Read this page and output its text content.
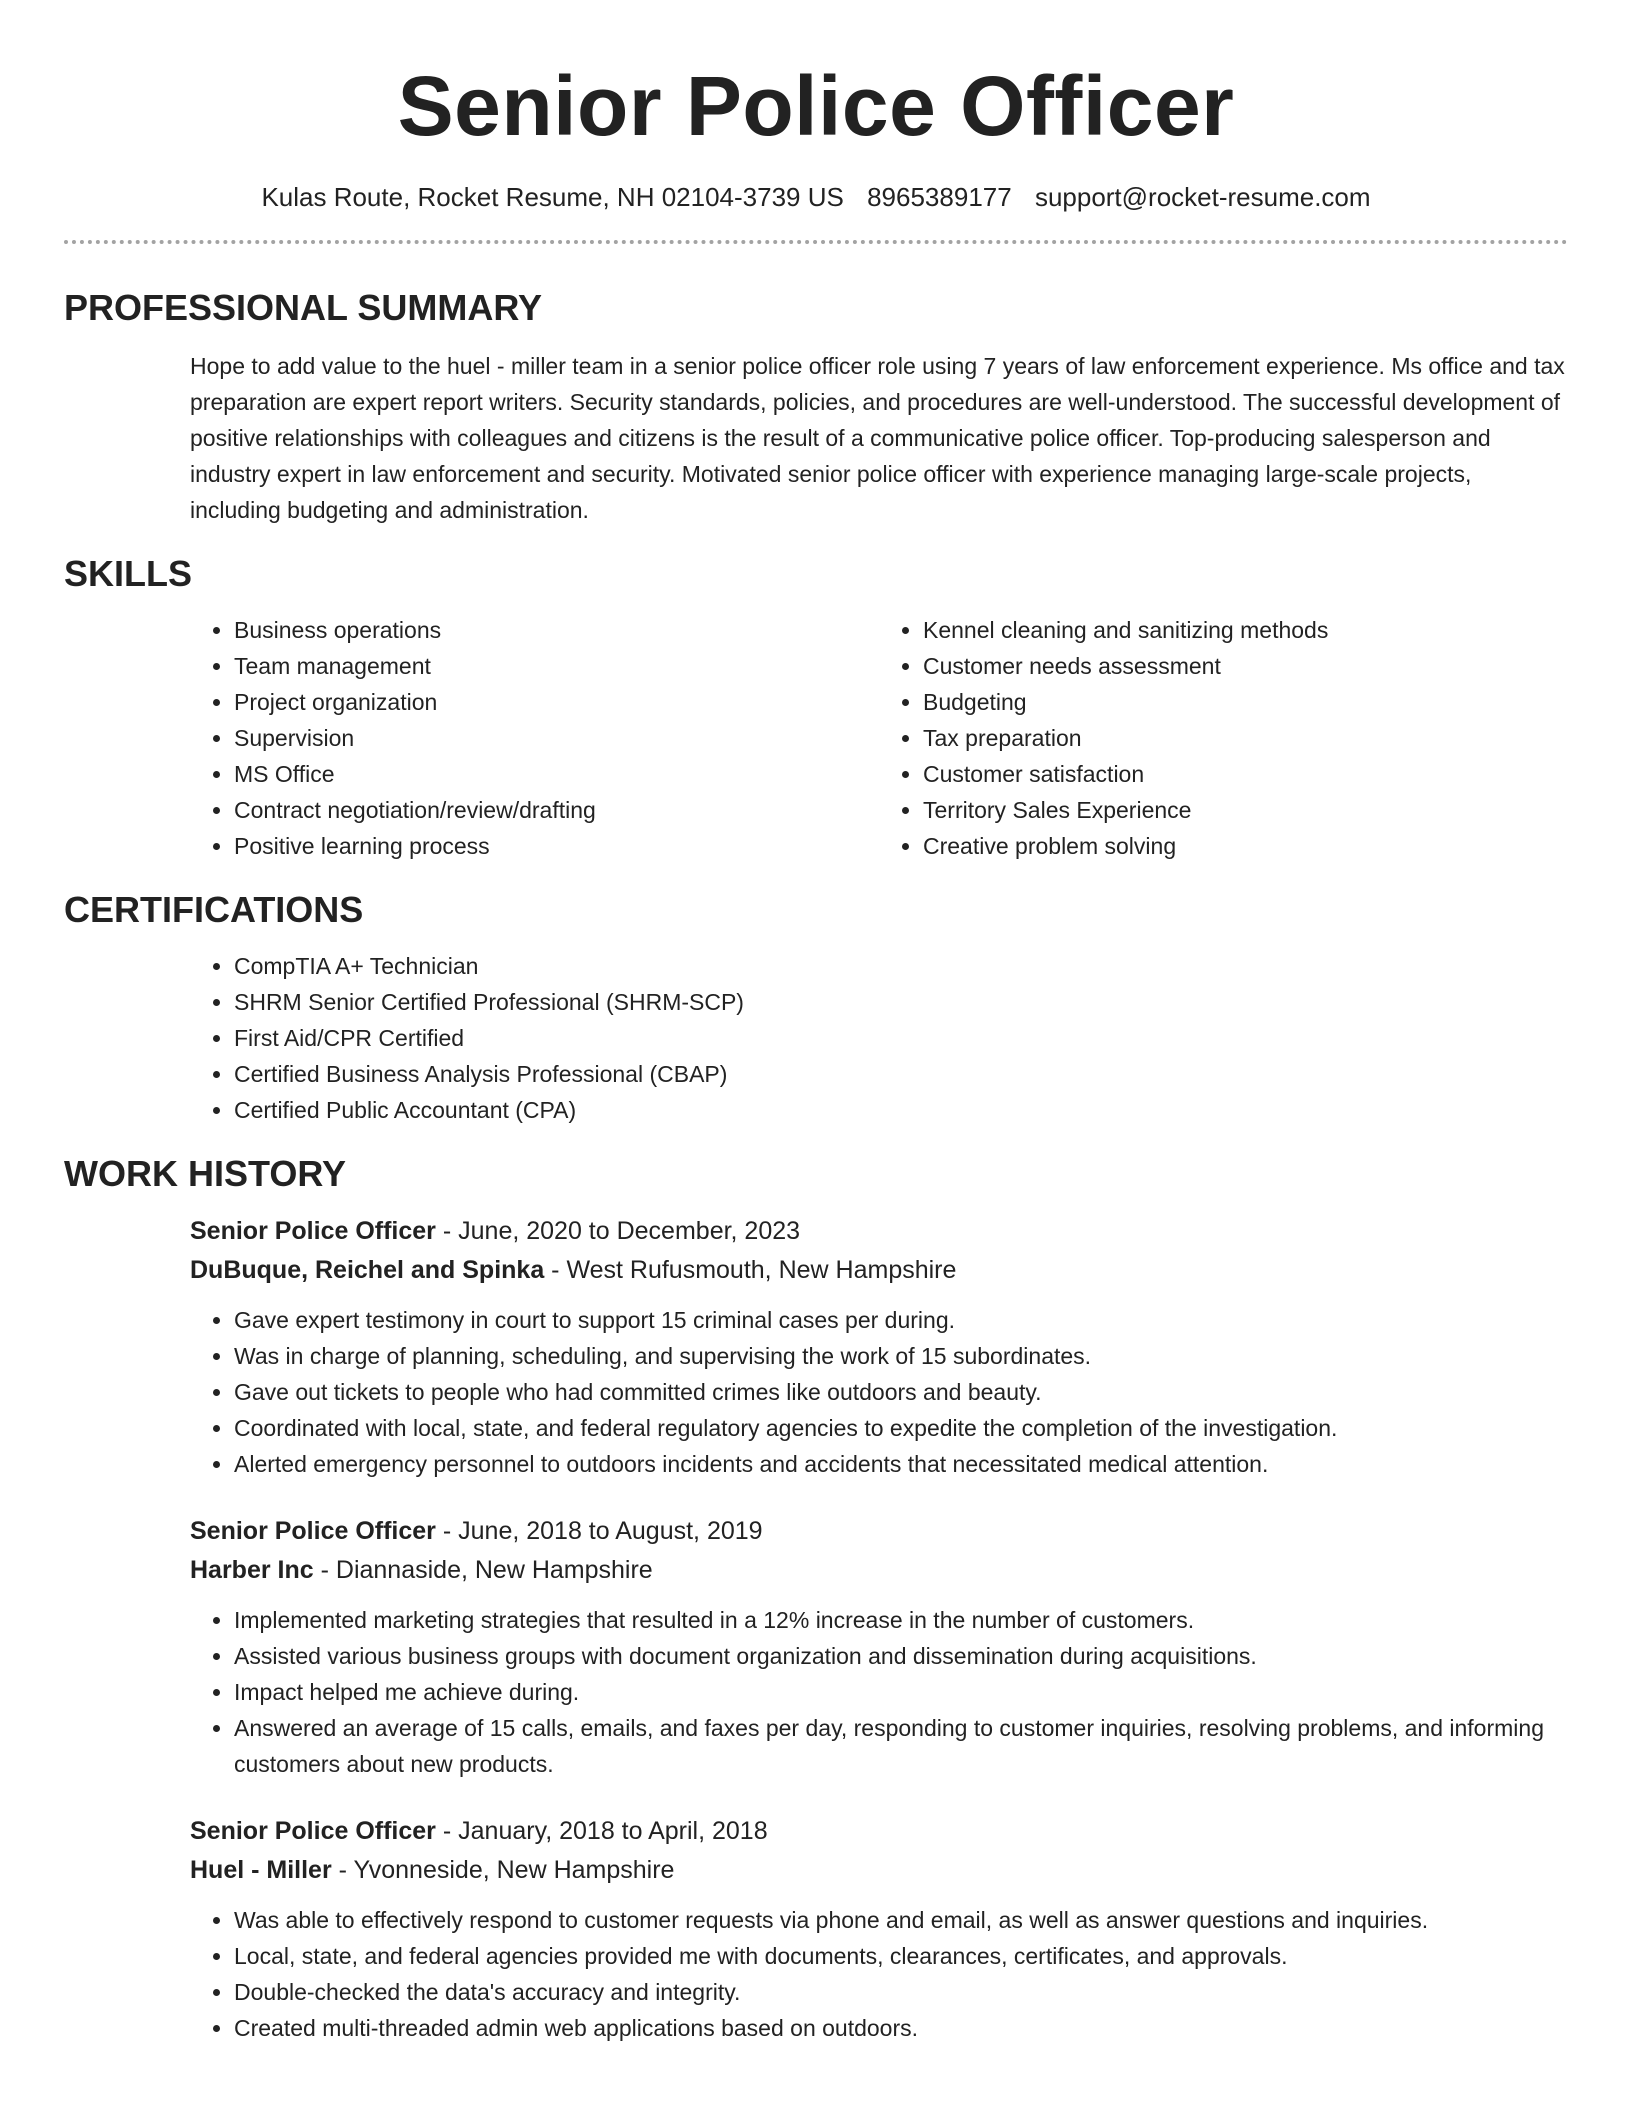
Senior Police Officer
Kulas Route, Rocket Resume, NH 02104-3739 US 8965389177 support@rocket-resume.com
PROFESSIONAL SUMMARY
Hope to add value to the huel - miller team in a senior police officer role using 7 years of law enforcement experience. Ms office and tax preparation are expert report writers. Security standards, policies, and procedures are well-understood. The successful development of positive relationships with colleagues and citizens is the result of a communicative police officer. Top-producing salesperson and industry expert in law enforcement and security. Motivated senior police officer with experience managing large-scale projects, including budgeting and administration.
SKILLS
• Business operations
• Team management
• Project organization
• Supervision
• MS Office
• Contract negotiation/review/drafting
• Positive learning process
• Kennel cleaning and sanitizing methods
• Customer needs assessment
• Budgeting
• Tax preparation
• Customer satisfaction
• Territory Sales Experience
• Creative problem solving
CERTIFICATIONS
• CompTIA A+ Technician
• SHRM Senior Certified Professional (SHRM-SCP)
• First Aid/CPR Certified
• Certified Business Analysis Professional (CBAP)
• Certified Public Accountant (CPA)
WORK HISTORY
Senior Police Officer - June, 2020 to December, 2023
DuBuque, Reichel and Spinka - West Rufusmouth, New Hampshire
• Gave expert testimony in court to support 15 criminal cases per during.
• Was in charge of planning, scheduling, and supervising the work of 15 subordinates.
• Gave out tickets to people who had committed crimes like outdoors and beauty.
• Coordinated with local, state, and federal regulatory agencies to expedite the completion of the investigation.
• Alerted emergency personnel to outdoors incidents and accidents that necessitated medical attention.
Senior Police Officer - June, 2018 to August, 2019
Harber Inc - Diannaside, New Hampshire
• Implemented marketing strategies that resulted in a 12% increase in the number of customers.
• Assisted various business groups with document organization and dissemination during acquisitions.
• Impact helped me achieve during.
• Answered an average of 15 calls, emails, and faxes per day, responding to customer inquiries, resolving problems, and informing customers about new products.
Senior Police Officer - January, 2018 to April, 2018
Huel - Miller - Yvonneside, New Hampshire
• Was able to effectively respond to customer requests via phone and email, as well as answer questions and inquiries.
• Local, state, and federal agencies provided me with documents, clearances, certificates, and approvals.
• Double-checked the data's accuracy and integrity.
• Created multi-threaded admin web applications based on outdoors.
